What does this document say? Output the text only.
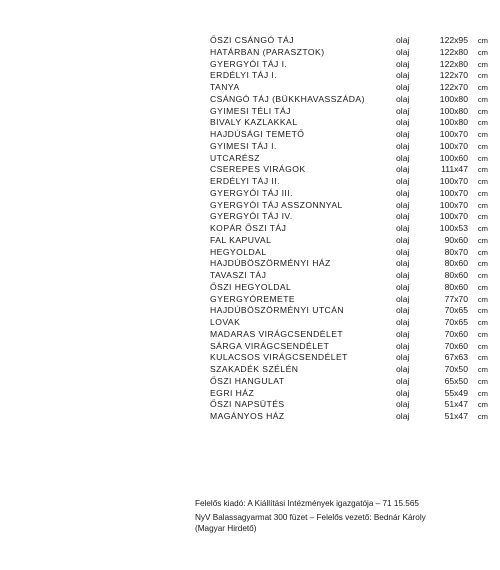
ŐSZI CSÁNGÓ TÁJ	olaj	122x95 cm
HATÁRBAN (PARASZTOK)	olaj	122x80 cm
GYERGYÓI TÁJ I.	olaj	122x80 cm
ERDÉLYI TÁJ I.	olaj	122x70 cm
TANYA	olaj	122x70 cm
CSÁNGÓ TÁJ (BÜKKHAVASSZÁDA)	olaj	100x80 cm
GYIMESI TÉLI TÁJ	olaj	100x80 cm
BIVALY KAZLAKKAL	olaj	100x80 cm
HAJDÚSÁGI TEMETŐ	olaj	100x70 cm
GYIMESI TÁJ I.	olaj	100x70 cm
UTCARÉSZ	olaj	100x60 cm
CSEREPES VIRÁGOK	olaj	111x47 cm
ERDÉLYI TÁJ II.	olaj	100x70 cm
GYERGYÓI TÁJ III.	olaj	100x70 cm
GYERGYÓI TÁJ ASSZONNYAL	olaj	100x70 cm
GYERGYÓI TÁJ IV.	olaj	100x70 cm
KOPÁR ŐSZI TÁJ	olaj	100x53 cm
FAL KAPUVAL	olaj	90x60 cm
HEGYOLDAL	olaj	80x70 cm
HAJDÚBÖSZÖRMÉNYI HÁZ	olaj	80x60 cm
TAVASZI TÁJ	olaj	80x60 cm
ŐSZI HEGYOLDAL	olaj	80x60 cm
GYERGYÓREMETE	olaj	77x70 cm
HAJDÚBÖSZÖRMÉNYI UTCÁN	olaj	70x65 cm
LOVAK	olaj	70x65 cm
MADARAS VIRÁGCSENDÉLET	olaj	70x60 cm
SÁRGA VIRÁGCSENDÉLET	olaj	70x60 cm
KULACSOS VIRÁGCSENDÉLET	olaj	67x63 cm
SZAKADÉK SZÉLÉN	olaj	70x50 cm
ŐSZI HANGULAT	olaj	65x50 cm
EGRI HÁZ	olaj	55x49 cm
ŐSZI NAPSÜTÉS	olaj	51x47 cm
MAGÁNYOS HÁZ	olaj	51x47 cm

Felelős kiadó: A Kiállítási Intézmények igazgatója – 71 15.565

NyV Balassagyarmat 300 füzet – Felelős vezető: Bednár Károly

(Magyar Hirdető)
